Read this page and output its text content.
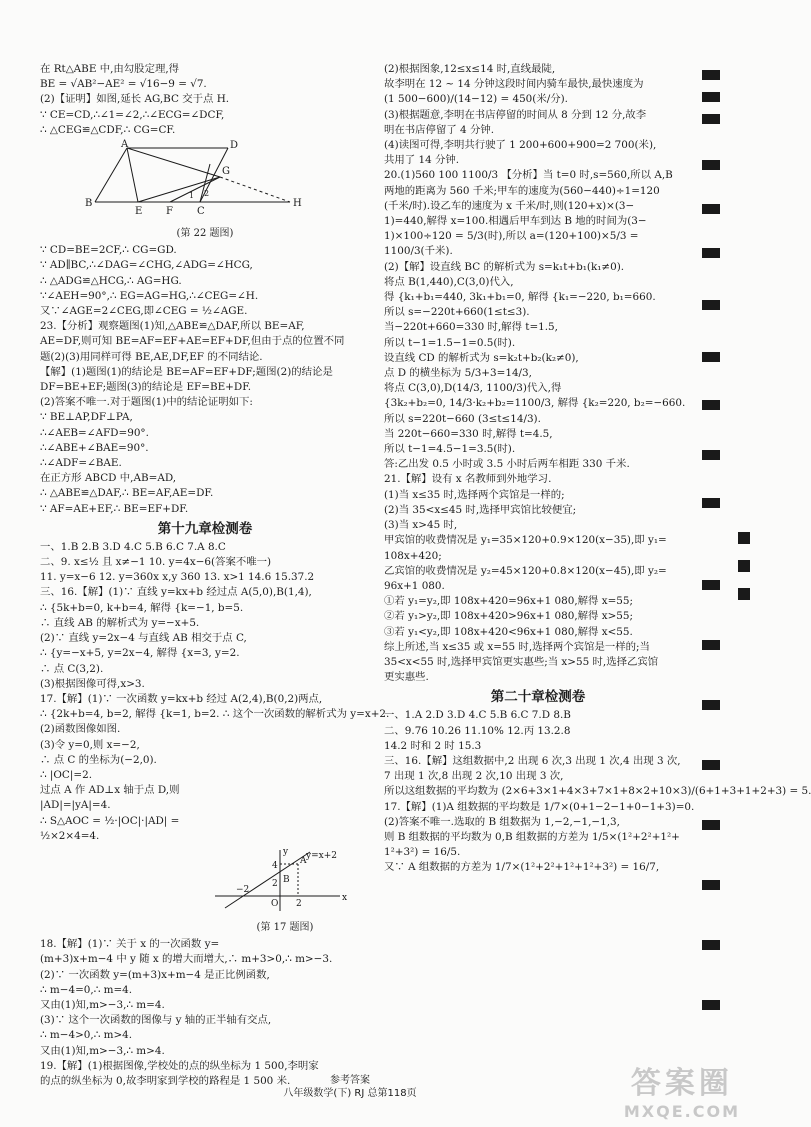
在 Rt△ABE 中,由勾股定理,得
BE = √AB²−AE² = √16−9 = √7.
(2)【证明】如图,延长 AG,BC 交于点 H.
∵ CE=CD,∴∠1=∠2,∴∠ECG=∠DCF,
∴ △CEG≌△CDF,∴ CG=CF.
A	D
G
B
E F C
H
1 2
(第 22 题图)
∵ CD=BE=2CF,∴ CG=GD.
∵ AD∥BC,∴∠DAG=∠CHG,∠ADG=∠HCG,
∴ △ADG≌△HCG,∴ AG=HG.
∵∠AEH=90°,∴ EG=AG=HG,∴∠CEG=∠H.
又∵∠AGE=2∠CEG,即∠CEG = ½∠AGE.
23.【分析】观察题图(1)知,△ABE≌△DAF,所以 BE=AF,
AE=DF,则可知 BE=AF=EF+AE=EF+DF,但由于点的位置不同
题(2)(3)用同样可得 BE,AE,DF,EF 的不同结论.
【解】(1)题图(1)的结论是 BE=AF=EF+DF;题图(2)的结论是
DF=BE+EF;题图(3)的结论是 EF=BE+DF.
(2)答案不唯一.对于题图(1)中的结论证明如下:
∵ BE⊥AP,DF⊥PA,
∴∠AEB=∠AFD=90°.
∴∠ABE+∠BAE=90°.
∴∠ADF=∠BAE.
在正方形 ABCD 中,AB=AD,
∴ △ABE≌△DAF,∴ BE=AF,AE=DF.
∵ AF=AE+EF,∴ BE=EF+DF.
第十九章检测卷
一、1.B 2.B 3.D 4.C 5.B 6.C 7.A 8.C
二、9. x≤½ 且 x≠−1 10. y=4x−6(答案不唯一)
11. y=x−6 12. y=360x x,y 360 13. x>1 14.6 15.37.2
三、16.【解】(1)∵ 直线 y=kx+b 经过点 A(5,0),B(1,4),
∴ {5k+b=0, k+b=4, 解得 {k=−1, b=5.
∴ 直线 AB 的解析式为 y=−x+5.
(2)∵ 直线 y=2x−4 与直线 AB 相交于点 C,
∴ {y=−x+5, y=2x−4, 解得 {x=3, y=2.
∴ 点 C(3,2).
(3)根据图像可得,x>3.
17.【解】(1)∵ 一次函数 y=kx+b 经过 A(2,4),B(0,2)两点,
∴ {2k+b=4, b=2, 解得 {k=1, b=2. ∴ 这个一次函数的解析式为 y=x+2.
(2)函数图像如图.
(3)令 y=0,则 x=−2,
∴ 点 C 的坐标为(−2,0).
∴ |OC|=2.
过点 A 作 AD⊥x 轴于点 D,则
|AD|=|yA|=4.
∴ S△AOC = ½·|OC|·|AD| =
½×2×4=4.
y y=x+2
A
B
4
2
−2
O 2
x
(第 17 题图)
18.【解】(1)∵ 关于 x 的一次函数 y=
(m+3)x+m−4 中 y 随 x 的增大而增大,∴ m+3>0,∴ m>−3.
(2)∵ 一次函数 y=(m+3)x+m−4 是正比例函数,
∴ m−4=0,∴ m=4.
又由(1)知,m>−3,∴ m=4.
(3)∵ 这个一次函数的图像与 y 轴的正半轴有交点,
∴ m−4>0,∴ m>4.
又由(1)知,m>−3,∴ m>4.
19.【解】(1)根据图像,学校处的点的纵坐标为 1 500,李明家
的点的纵坐标为 0,故李明家到学校的路程是 1 500 米.
(2)根据图象,12≤x≤14 时,直线最陡,
故李明在 12 ~ 14 分钟这段时间内骑车最快,最快速度为
(1 500−600)/(14−12) = 450(米/分).
(3)根据题意,李明在书店停留的时间从 8 分到 12 分,故李
明在书店停留了 4 分钟.
(4)读图可得,李明共行驶了 1 200+600+900=2 700(米),
共用了 14 分钟.
20.(1)560 100 1100/3 【分析】当 t=0 时,s=560,所以 A,B
两地的距离为 560 千米;甲车的速度为(560−440)÷1=120
(千米/时).设乙车的速度为 x 千米/时,则(120+x)×(3−
1)=440,解得 x=100.相遇后甲车到达 B 地的时间为(3−
1)×100÷120 = 5/3(时),所以 a=(120+100)×5/3 =
1100/3(千米).
(2)【解】设直线 BC 的解析式为 s=k₁t+b₁(k₁≠0).
将点 B(1,440),C(3,0)代入,
得 {k₁+b₁=440, 3k₁+b₁=0, 解得 {k₁=−220, b₁=660.
所以 s=−220t+660(1≤t≤3).
当−220t+660=330 时,解得 t=1.5,
所以 t−1=1.5−1=0.5(时).
设直线 CD 的解析式为 s=k₂t+b₂(k₂≠0),
点 D 的横坐标为 5/3+3=14/3,
将点 C(3,0),D(14/3, 1100/3)代入,得
{3k₂+b₂=0, 14/3·k₂+b₂=1100/3, 解得 {k₂=220, b₂=−660.
所以 s=220t−660 (3≤t≤14/3).
当 220t−660=330 时,解得 t=4.5,
所以 t−1=4.5−1=3.5(时).
答:乙出发 0.5 小时或 3.5 小时后两车相距 330 千米.
21.【解】设有 x 名教师到外地学习.
(1)当 x≤35 时,选择两个宾馆是一样的;
(2)当 35<x≤45 时,选择甲宾馆比较便宜;
(3)当 x>45 时,
甲宾馆的收费情况是 y₁=35×120+0.9×120(x−35),即 y₁=
108x+420;
乙宾馆的收费情况是 y₂=45×120+0.8×120(x−45),即 y₂=
96x+1 080.
①若 y₁=y₂,即 108x+420=96x+1 080,解得 x=55;
②若 y₁>y₂,即 108x+420>96x+1 080,解得 x>55;
③若 y₁<y₂,即 108x+420<96x+1 080,解得 x<55.
综上所述,当 x≤35 或 x=55 时,选择两个宾馆是一样的;当
35<x<55 时,选择甲宾馆更实惠些;当 x>55 时,选择乙宾馆
更实惠些.
第二十章检测卷
一、1.A 2.D 3.D 4.C 5.B 6.C 7.D 8.B
二、9.76 10.26 11.10% 12.丙 13.2.8
14.2 时和 2 时 15.3
三、16.【解】这组数据中,2 出现 6 次,3 出现 1 次,4 出现 3 次,
7 出现 1 次,8 出现 2 次,10 出现 3 次,
所以这组数据的平均数为 (2×6+3×1+4×3+7×1+8×2+10×3)/(6+1+3+1+2+3) = 5.
17.【解】(1)A 组数据的平均数是 1/7×(0+1−2−1+0−1+3)=0.
(2)答案不唯一.选取的 B 组数据为 1,−2,−1,−1,3,
则 B 组数据的平均数为 0,B 组数据的方差为 1/5×(1²+2²+1²+
1²+3²) = 16/5.
又∵ A 组数据的方差为 1/7×(1²+2²+1²+1²+3²) = 16/7,
参考答案
八年级数学(下) RJ 总第118页	答案圈
MXQE.COM
